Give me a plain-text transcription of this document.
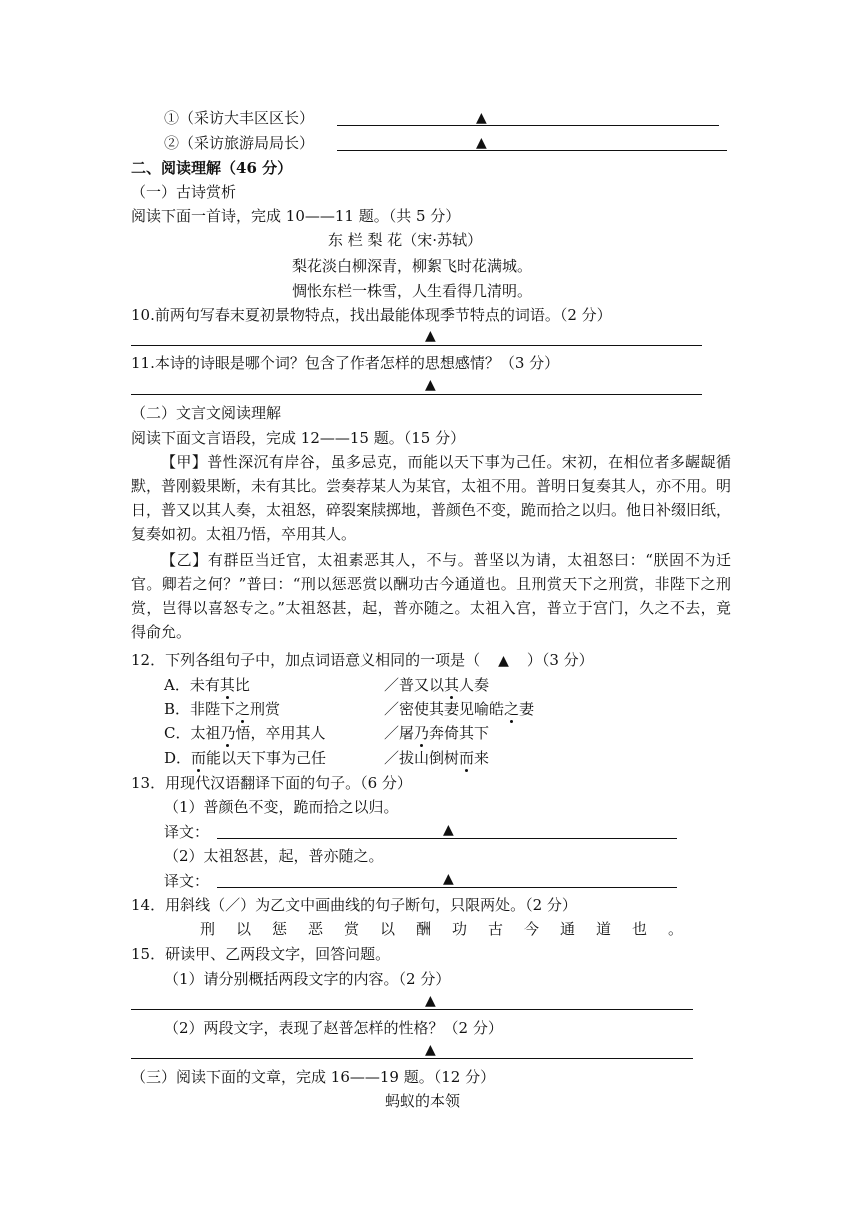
①（采访大丰区区长）	▲
②（采访旅游局局长）	▲
二、阅读理解（46 分）
（一）古诗赏析
阅读下面一首诗，完成 10——11 题。（共 5 分）
东 栏 梨 花（宋·苏轼）
梨花淡白柳深青，柳絮飞时花满城。
惆怅东栏一株雪，人生看得几清明。
10.前两句写春末夏初景物特点，找出最能体现季节特点的词语。（2 分）
▲
11.本诗的诗眼是哪个词？包含了作者怎样的思想感情？（3 分）
▲
（二）文言文阅读理解
阅读下面文言语段，完成 12——15 题。（15 分）

【甲】普性深沉有岸谷，虽多忌克，而能以天下事为己任。宋初，在相位者多龌龊循默，普刚毅果断，未有其比。尝奏荐某人为某官，太祖不用。普明日复奏其人，亦不用。明日，普又以其人奏，太祖怒，碎裂案牍掷地，普颜色不变，跪而拾之以归。他日补缀旧纸，复奏如初。太祖乃悟，卒用其人。

【乙】有群臣当迁官，太祖素恶其人，不与。普坚以为请，太祖怒曰：“朕固不为迁官。卿若之何？”普曰：“刑以惩恶赏以酬功古今通道也。且刑赏天下之刑赏，非陛下之刑赏，岂得以喜怒专之。”太祖怒甚，起，普亦随之。太祖入宫，普立于宫门，久之不去，竟得俞允。

12．下列各组句子中，加点词语意义相同的一项是（ ▲ ）（3 分）
A．未有其比	／普又以其人奏
B．非陛下之刑赏	／密使其妻见喻皓之妻
C．太祖乃悟，卒用其人	／屠乃奔倚其下
D．而能以天下事为己任	／拔山倒树而来
13．用现代汉语翻译下面的句子。（6 分）
（1）普颜色不变，跪而拾之以归。
译文：	▲
（2）太祖怒甚，起，普亦随之。
译文：	▲
14．用斜线（／）为乙文中画曲线的句子断句，只限两处。（2 分）
刑以惩恶赏以酬功古今通道也。
15．研读甲、乙两段文字，回答问题。
（1）请分别概括两段文字的内容。（2 分）
▲
（2）两段文字，表现了赵普怎样的性格？（2 分）
▲
（三）阅读下面的文章，完成 16——19 题。（12 分）
蚂蚁的本领
